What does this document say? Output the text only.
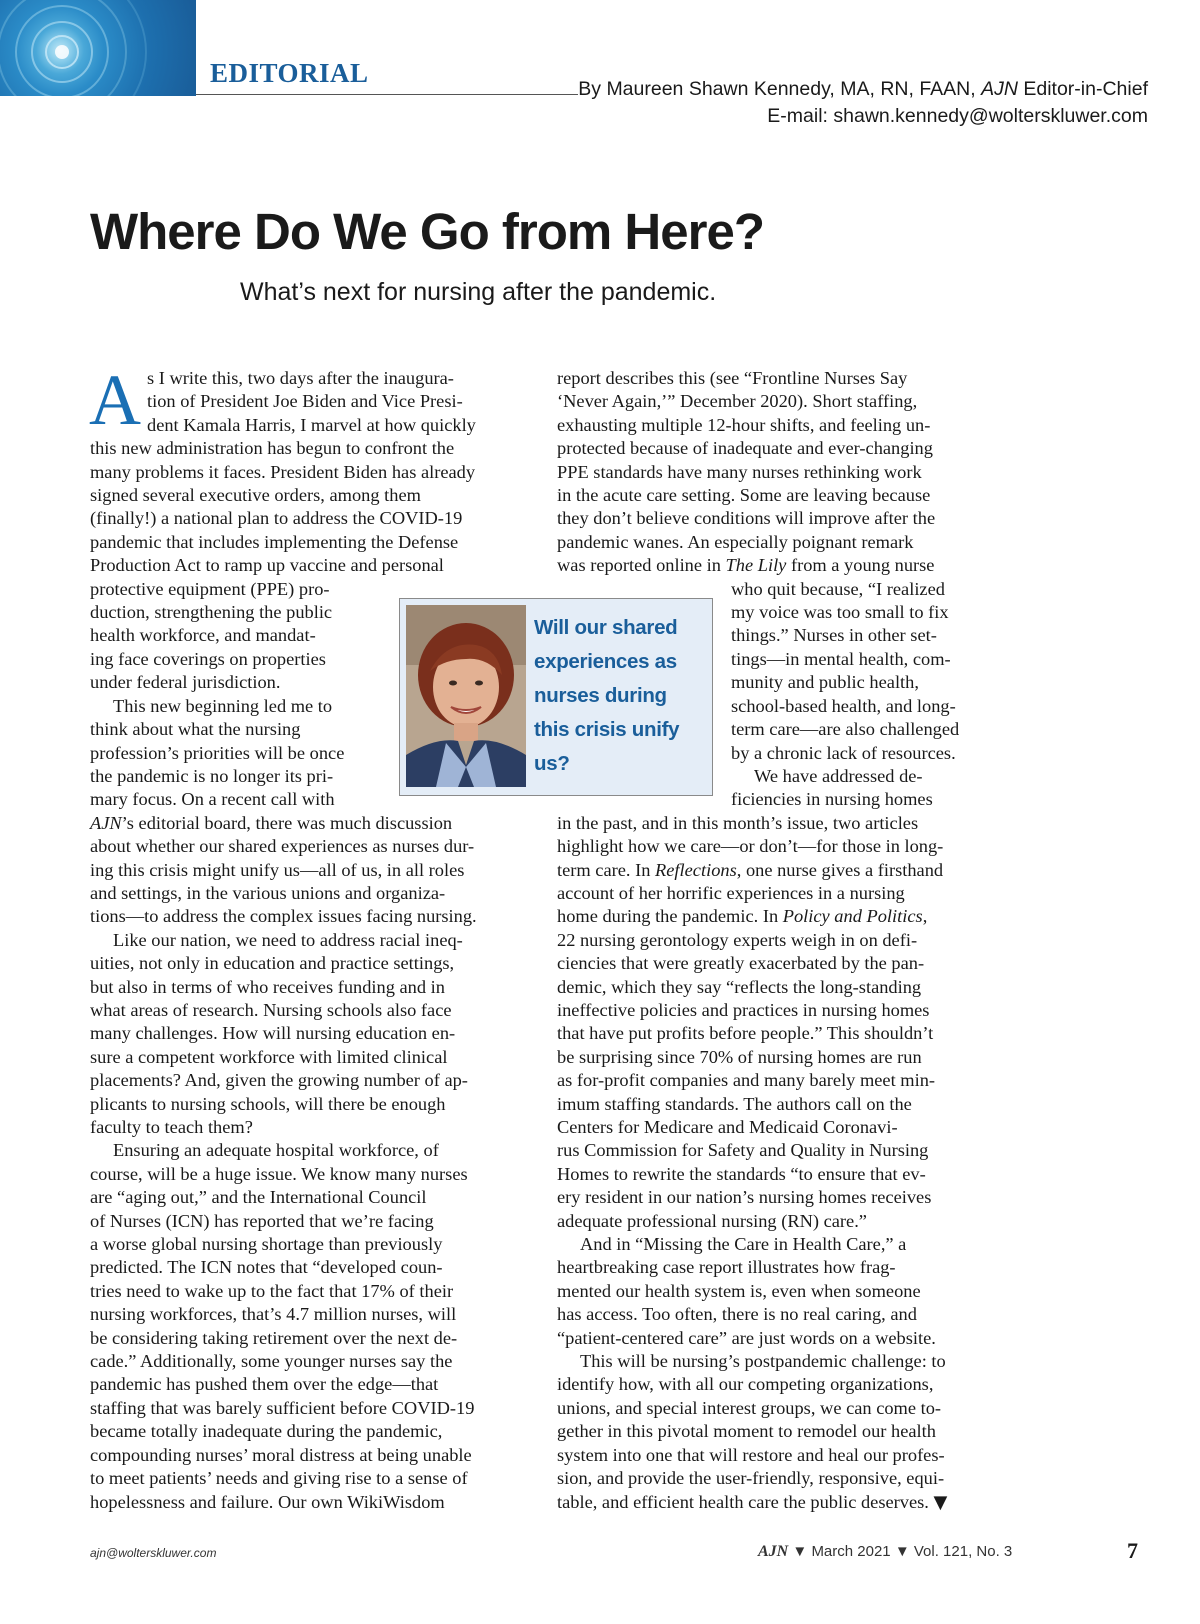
EDITORIAL
By Maureen Shawn Kennedy, MA, RN, FAAN, AJN Editor-in-Chief
E-mail: shawn.kennedy@wolterskluwer.com
Where Do We Go from Here?
What’s next for nursing after the pandemic.

A s I write this, two days after the inaugura-
tion of President Joe Biden and Vice Presi-
dent Kamala Harris, I marvel at how quickly
this new administration has begun to confront the
many problems it faces. President Biden has already
signed several executive orders, among them
(finally!) a national plan to address the COVID-19
pandemic that includes implementing the Defense
Production Act to ramp up vaccine and personal
protective equipment (PPE) pro-
duction, strengthening the public
health workforce, and mandat-
ing face coverings on properties
under federal jurisdiction.

This new beginning led me to
think about what the nursing
profession’s priorities will be once
the pandemic is no longer its pri-
mary focus. On a recent call with
AJN’s editorial board, there was much discussion
about whether our shared experiences as nurses dur-
ing this crisis might unify us—all of us, in all roles
and settings, in the various unions and organiza-
tions—to address the complex issues facing nursing.

Like our nation, we need to address racial ineq-
uities, not only in education and practice settings,
but also in terms of who receives funding and in
what areas of research. Nursing schools also face
many challenges. How will nursing education en-
sure a competent workforce with limited clinical
placements? And, given the growing number of ap-
plicants to nursing schools, will there be enough
faculty to teach them?

Ensuring an adequate hospital workforce, of
course, will be a huge issue. We know many nurses
are “aging out,” and the International Council
of Nurses (ICN) has reported that we’re facing
a worse global nursing shortage than previously
predicted. The ICN notes that “developed coun-
tries need to wake up to the fact that 17% of their
nursing workforces, that’s 4.7 million nurses, will
be considering taking retirement over the next de-
cade.” Additionally, some younger nurses say the
pandemic has pushed them over the edge—that
staffing that was barely sufficient before COVID-19
became totally inadequate during the pandemic,
compounding nurses’ moral distress at being unable
to meet patients’ needs and giving rise to a sense of
hopelessness and failure. Our own WikiWisdom

report describes this (see “Frontline Nurses Say
‘Never Again,’” December 2020). Short staffing,
exhausting multiple 12-hour shifts, and feeling un-
protected because of inadequate and ever-changing
PPE standards have many nurses rethinking work
in the acute care setting. Some are leaving because
they don’t believe conditions will improve after the
pandemic wanes. An especially poignant remark
was reported online in The Lily from a young nurse
who quit because, “I realized
my voice was too small to fix
things.” Nurses in other set-
tings—in mental health, com-
munity and public health,
school-based health, and long-
term care—are also challenged
by a chronic lack of resources.

We have addressed de-
ficiencies in nursing homes
in the past, and in this month’s issue, two articles
highlight how we care—or don’t—for those in long-
term care. In Reflections, one nurse gives a firsthand
account of her horrific experiences in a nursing
home during the pandemic. In Policy and Politics,
22 nursing gerontology experts weigh in on defi-
ciencies that were greatly exacerbated by the pan-
demic, which they say “reflects the long-standing
ineffective policies and practices in nursing homes
that have put profits before people.” This shouldn’t
be surprising since 70% of nursing homes are run
as for-profit companies and many barely meet min-
imum staffing standards. The authors call on the
Centers for Medicare and Medicaid Coronavi-
rus Commission for Safety and Quality in Nursing
Homes to rewrite the standards “to ensure that ev-
ery resident in our nation’s nursing homes receives
adequate professional nursing (RN) care.”

And in “Missing the Care in Health Care,” a
heartbreaking case report illustrates how frag-
mented our health system is, even when someone
has access. Too often, there is no real caring, and
“patient-centered care” are just words on a website.

This will be nursing’s postpandemic challenge: to
identify how, with all our competing organizations,
unions, and special interest groups, we can come to-
gether in this pivotal moment to remodel our health
system into one that will restore and heal our profes-
sion, and provide the user-friendly, responsive, equi-
table, and efficient health care the public deserves. ▼

Will our shared
experiences as
nurses during
this crisis unify
us?
ajn@wolterskluwer.com	AJN ▼ March 2021 ▼ Vol. 121, No. 3	7
